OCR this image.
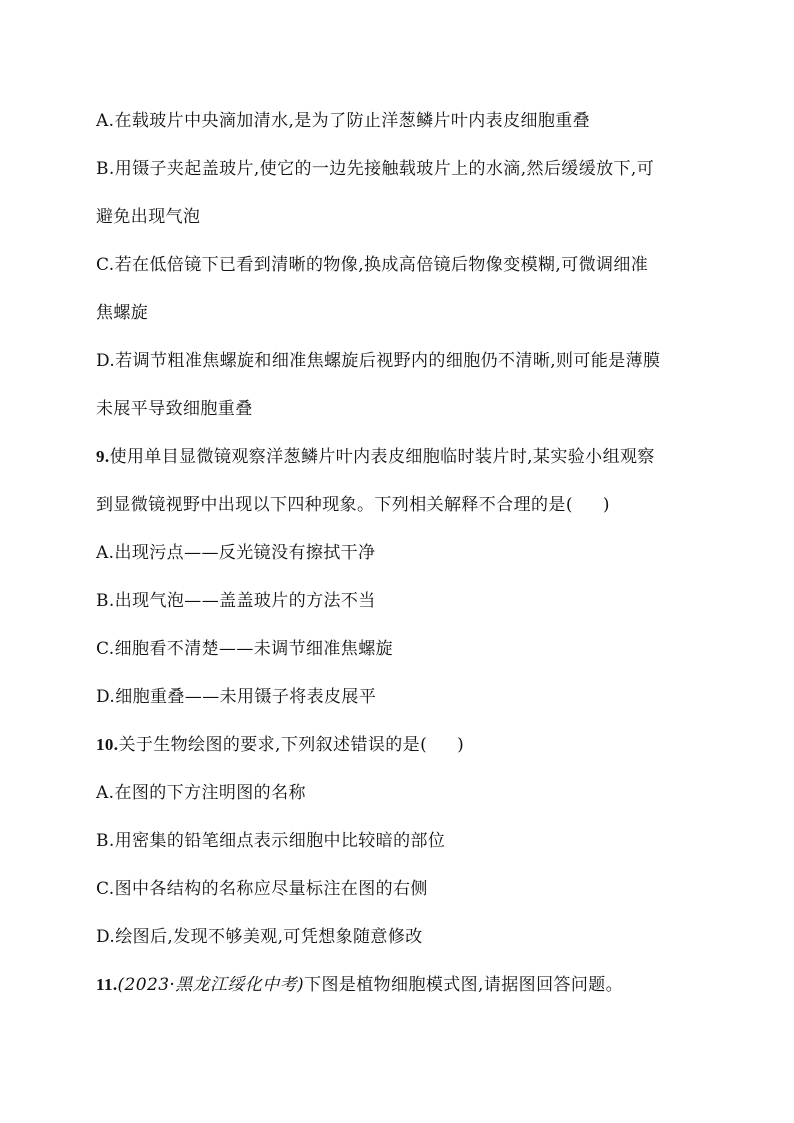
A.在载玻片中央滴加清水,是为了防止洋葱鳞片叶内表皮细胞重叠
B.用镊子夹起盖玻片,使它的一边先接触载玻片上的水滴,然后缓缓放下,可
避免出现气泡
C.若在低倍镜下已看到清晰的物像,换成高倍镜后物像变模糊,可微调细准
焦螺旋
D.若调节粗准焦螺旋和细准焦螺旋后视野内的细胞仍不清晰,则可能是薄膜
未展平导致细胞重叠
9.使用单目显微镜观察洋葱鳞片叶内表皮细胞临时装片时,某实验小组观察
到显微镜视野中出现以下四种现象。下列相关解释不合理的是( )
A.出现污点——反光镜没有擦拭干净
B.出现气泡——盖盖玻片的方法不当
C.细胞看不清楚——未调节细准焦螺旋
D.细胞重叠——未用镊子将表皮展平
10.关于生物绘图的要求,下列叙述错误的是( )
A.在图的下方注明图的名称
B.用密集的铅笔细点表示细胞中比较暗的部位
C.图中各结构的名称应尽量标注在图的右侧
D.绘图后,发现不够美观,可凭想象随意修改
11.(2023·黑龙江绥化中考)下图是植物细胞模式图,请据图回答问题。
